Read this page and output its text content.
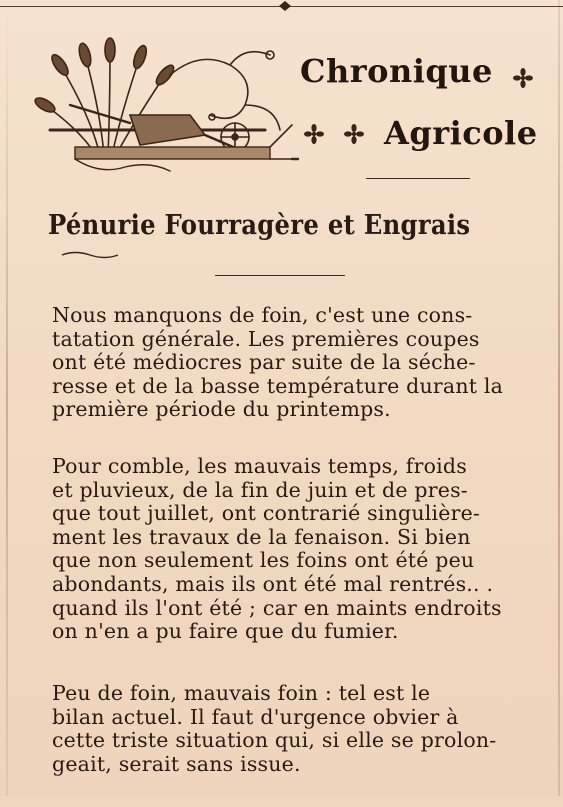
Chronique
Agricole
Pénurie Fourragère et Engrais
Nous manquons de foin, c'est une cons-
tatation générale. Les premières coupes
ont été médiocres par suite de la séche-
resse et de la basse température durant la
première période du printemps.
Pour comble, les mauvais temps, froids
et pluvieux, de la fin de juin et de pres-
que tout juillet, ont contrarié singulière-
ment les travaux de la fenaison. Si bien
que non seulement les foins ont été peu
abondants, mais ils ont été mal rentrés.. .
quand ils l'ont été ; car en maints endroits
on n'en a pu faire que du fumier.
Peu de foin, mauvais foin : tel est le
bilan actuel. Il faut d'urgence obvier à
cette triste situation qui, si elle se prolon-
geait, serait sans issue.
